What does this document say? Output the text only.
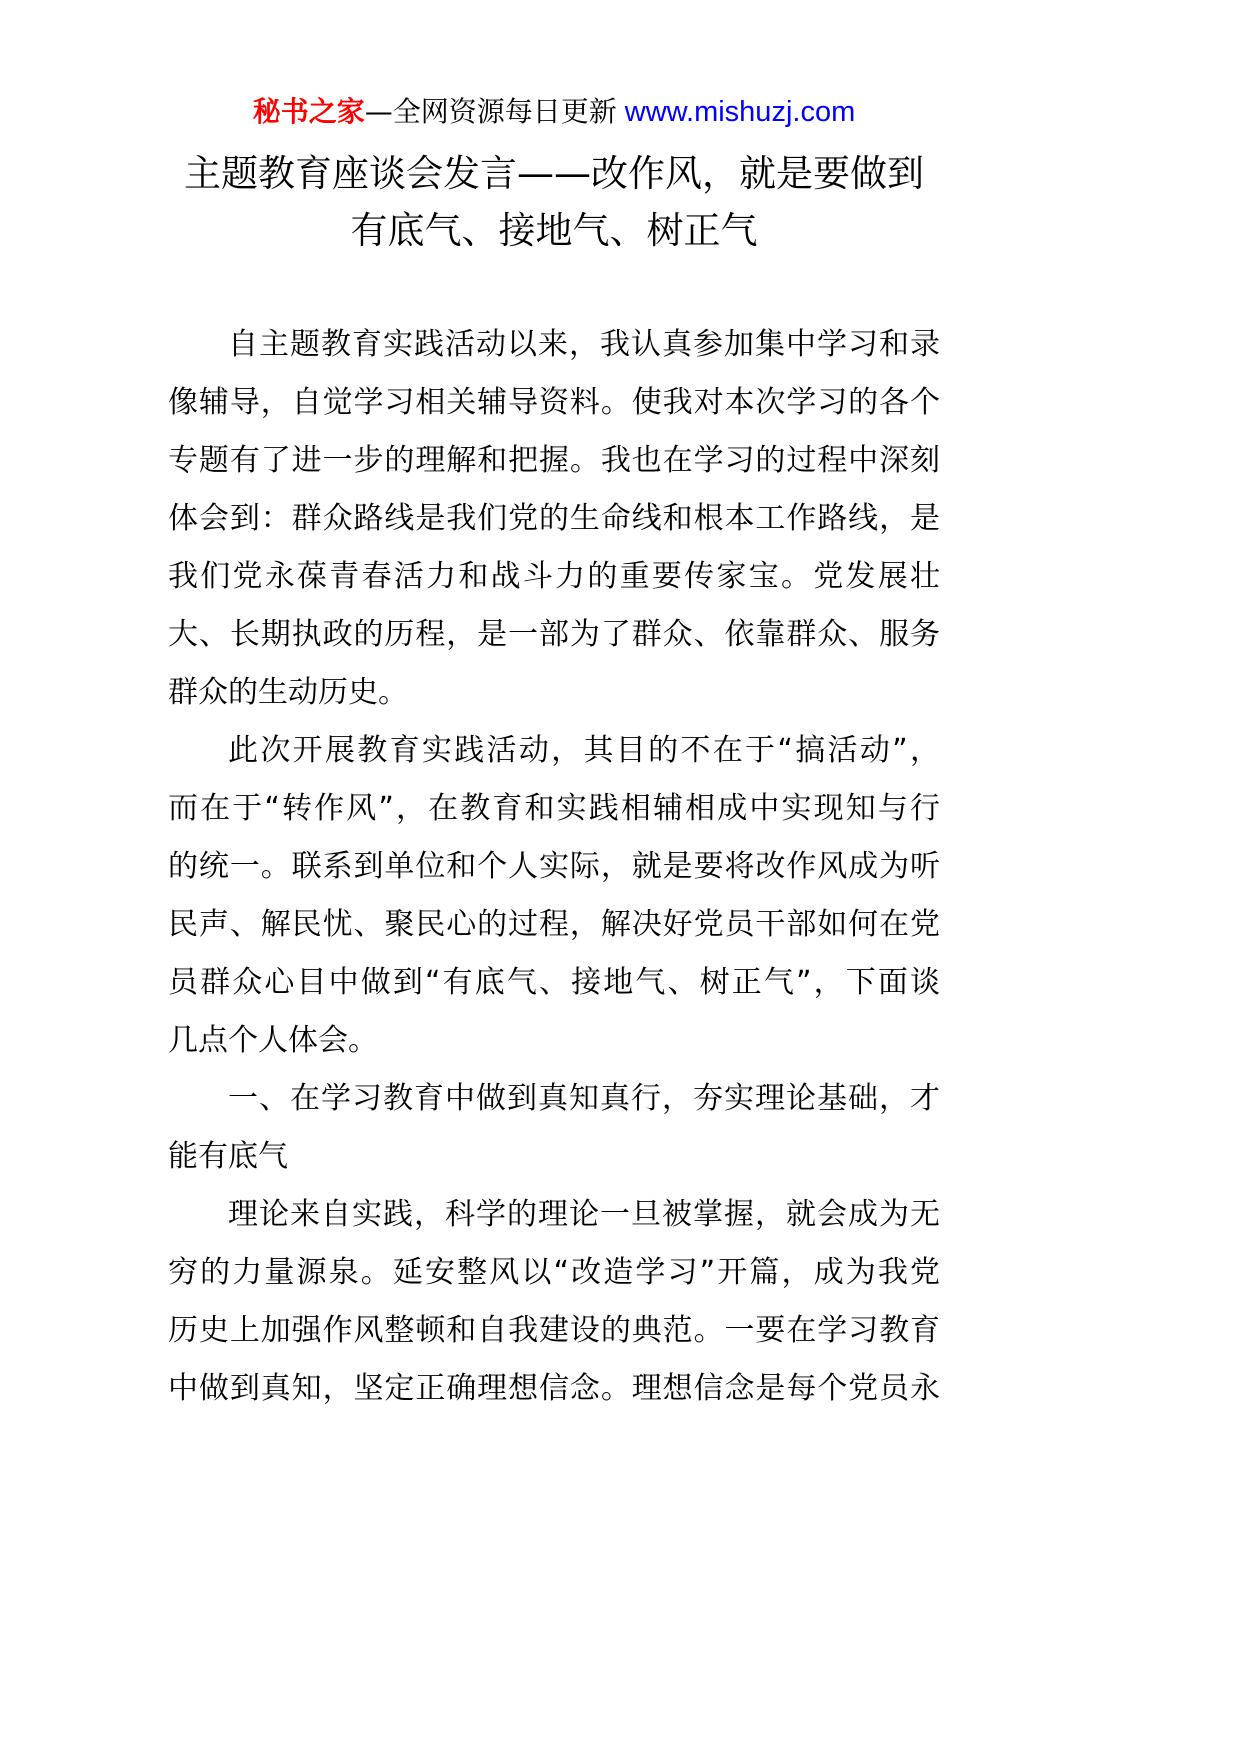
秘书之家—全网资源每日更新 www.mishuzj.com
主题教育座谈会发言——改作风，就是要做到
有底气、接地气、树正气
自主题教育实践活动以来，我认真参加集中学习和录
像辅导，自觉学习相关辅导资料。使我对本次学习的各个
专题有了进一步的理解和把握。我也在学习的过程中深刻
体会到：群众路线是我们党的生命线和根本工作路线，是
我们党永葆青春活力和战斗力的重要传家宝。党发展壮
大、长期执政的历程，是一部为了群众、依靠群众、服务
群众的生动历史。
此次开展教育实践活动，其目的不在于“搞活动”，
而在于“转作风”，在教育和实践相辅相成中实现知与行
的统一。联系到单位和个人实际，就是要将改作风成为听
民声、解民忧、聚民心的过程，解决好党员干部如何在党
员群众心目中做到“有底气、接地气、树正气”，下面谈
几点个人体会。
一、在学习教育中做到真知真行，夯实理论基础，才
能有底气
理论来自实践，科学的理论一旦被掌握，就会成为无
穷的力量源泉。延安整风以“改造学习”开篇，成为我党
历史上加强作风整顿和自我建设的典范。一要在学习教育
中做到真知，坚定正确理想信念。理想信念是每个党员永
